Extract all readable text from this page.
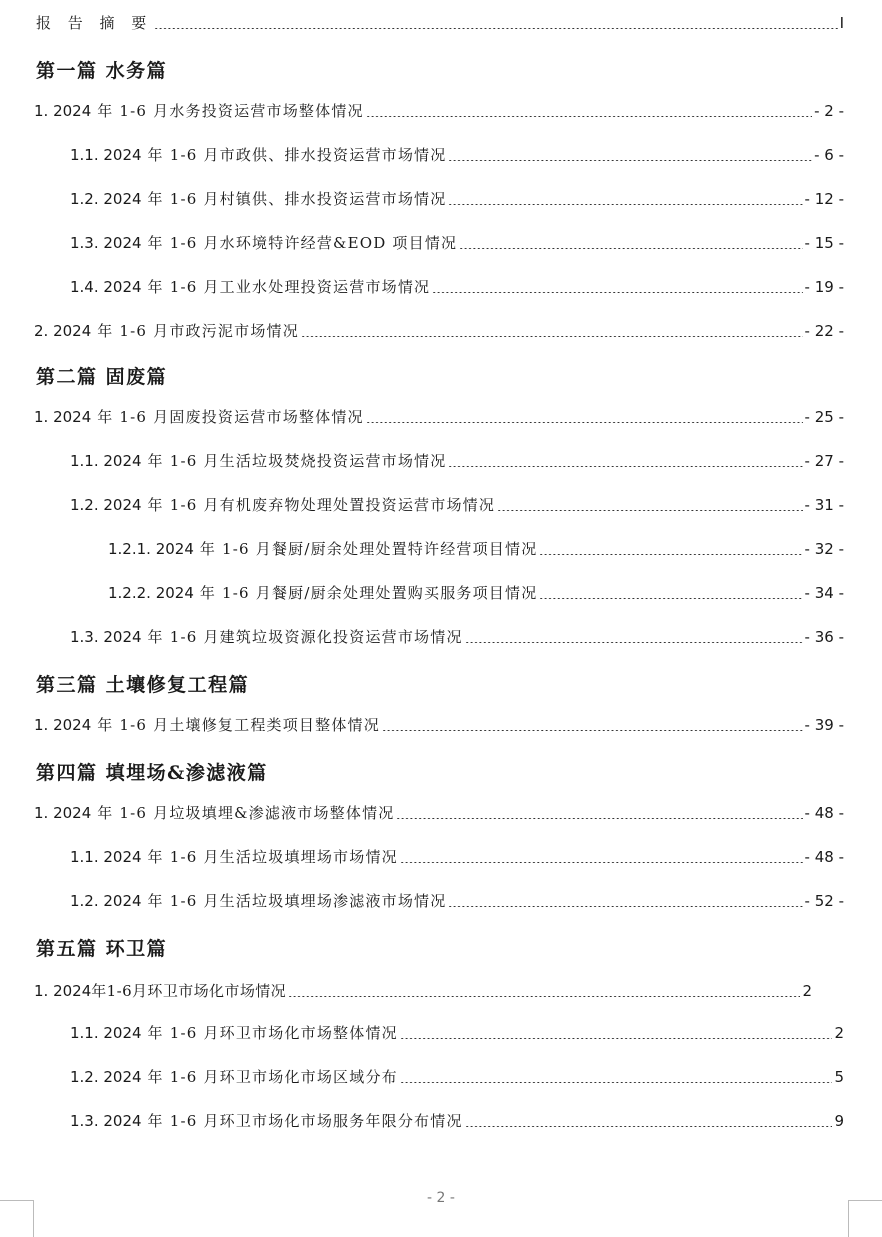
报 告 摘 要	I
第一篇 水务篇
1. 2024 年 1-6 月水务投资运营市场整体情况	- 2 -
1.1. 2024 年 1-6 月市政供、排水投资运营市场情况	- 6 -
1.2. 2024 年 1-6 月村镇供、排水投资运营市场情况	- 12 -
1.3. 2024 年 1-6 月水环境特许经营&EOD 项目情况	- 15 -
1.4. 2024 年 1-6 月工业水处理投资运营市场情况	- 19 -
2. 2024 年 1-6 月市政污泥市场情况	- 22 -
第二篇 固废篇
1. 2024 年 1-6 月固废投资运营市场整体情况	- 25 -
1.1. 2024 年 1-6 月生活垃圾焚烧投资运营市场情况	- 27 -
1.2. 2024 年 1-6 月有机废弃物处理处置投资运营市场情况	- 31 -
1.2.1. 2024 年 1-6 月餐厨/厨余处理处置特许经营项目情况	- 32 -
1.2.2. 2024 年 1-6 月餐厨/厨余处理处置购买服务项目情况	- 34 -
1.3. 2024 年 1-6 月建筑垃圾资源化投资运营市场情况	- 36 -
第三篇 土壤修复工程篇
1. 2024 年 1-6 月土壤修复工程类项目整体情况	- 39 -
第四篇 填埋场&渗滤液篇
1. 2024 年 1-6 月垃圾填埋&渗滤液市场整体情况	- 48 -
1.1. 2024 年 1-6 月生活垃圾填埋场市场情况	- 48 -
1.2. 2024 年 1-6 月生活垃圾填埋场渗滤液市场情况	- 52 -
第五篇 环卫篇
1. 2024年1-6月环卫市场化市场情况	2
1.1. 2024 年 1-6 月环卫市场化市场整体情况	2
1.2. 2024 年 1-6 月环卫市场化市场区域分布	5
1.3. 2024 年 1-6 月环卫市场化市场服务年限分布情况	9
- 2 -
